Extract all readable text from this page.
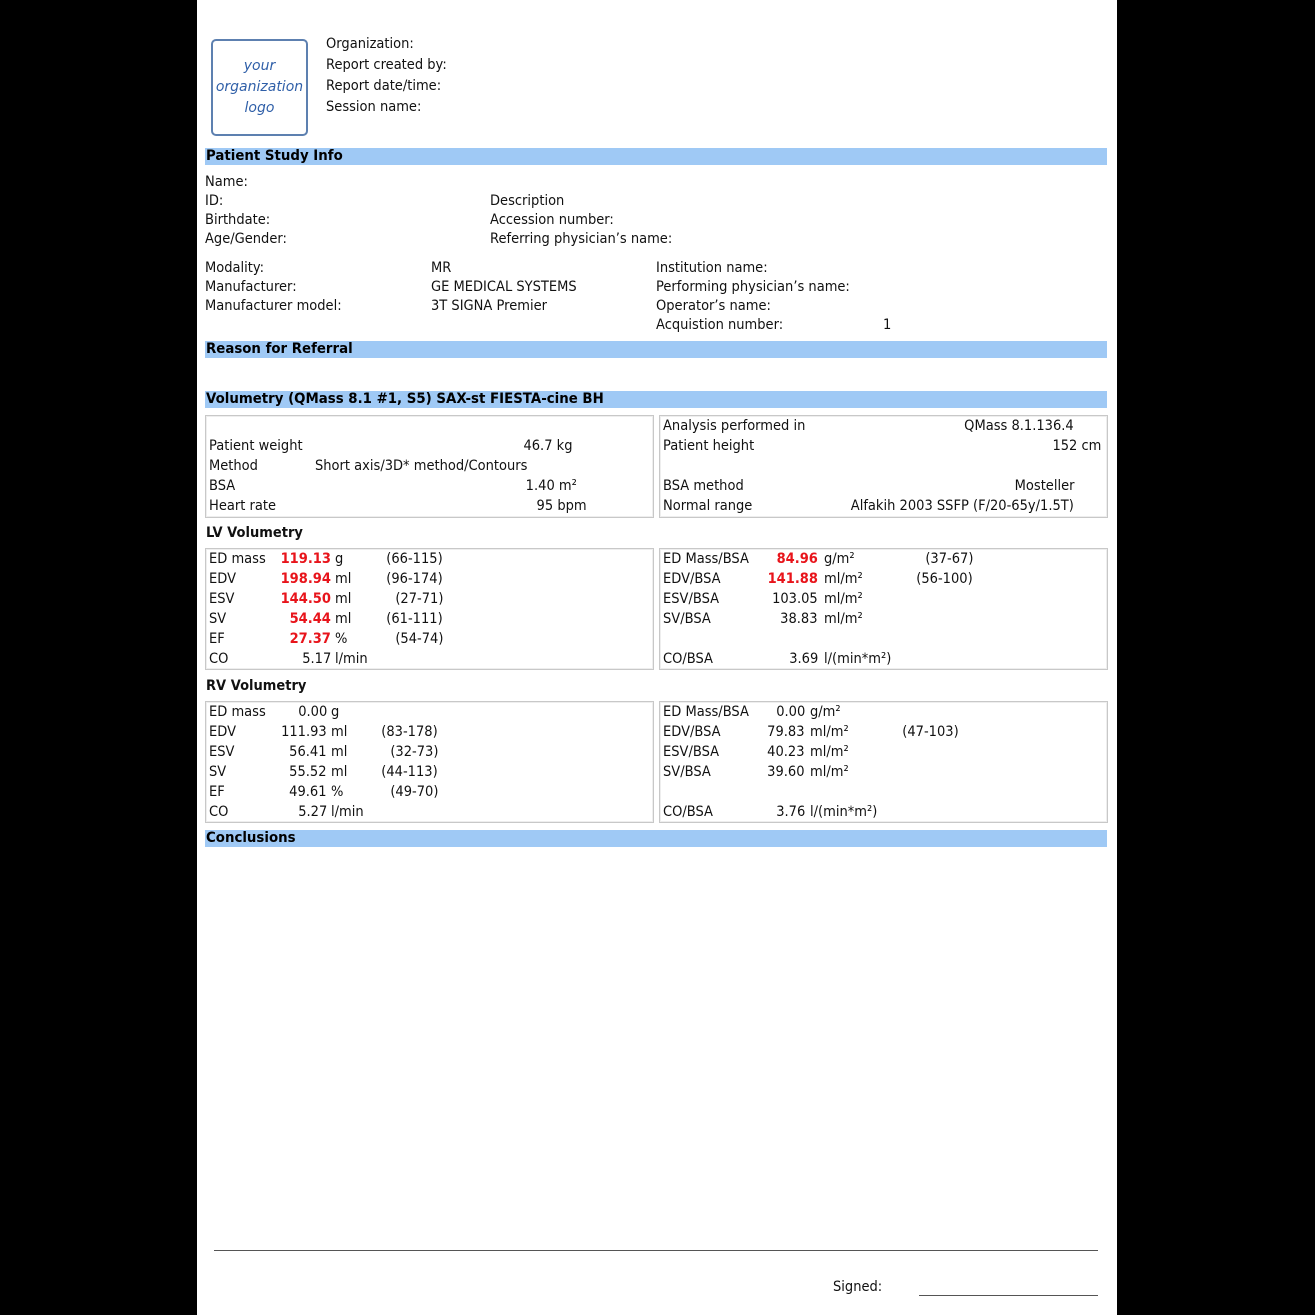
your
organization
logo
Patient Study Info
Reason for Referral
Volumetry (QMass 8.1 #1, S5) SAX-st FIESTA-cine BH
Conclusions
LV Volumetry
RV Volumetry
Signed:
Organization:
Report created by:
Report date/time:
Session name:
Name:
ID:
Birthdate:
Age/Gender:
Description
Accession number:
Referring physician’s name:
Modality:	MR
Manufacturer:	GE MEDICAL SYSTEMS
Manufacturer model:	3T SIGNA Premier
Institution name:
Performing physician’s name:
Operator’s name:
Acquistion number:	1
Patient weight	46.7 kg
Method	Short axis/3D* method/Contours
BSA	1.40 m²
Heart rate	95 bpm
Analysis performed in	QMass 8.1.136.4
Patient height	152 cm
BSA method	Mosteller
Normal range	Alfakih 2003 SSFP (F/20-65y/1.5T)
ED mass 119.13 g	(66-115)
EDV	198.94 ml (96-174)
ESV	144.50 ml	(27-71)
SV	54.44 ml (61-111)
EF	27.37 %	(54-74)
CO	5.17 l/min
ED Mass/BSA 84.96 g/m²	(37-67)
EDV/BSA	141.88 ml/m²	(56-100)
ESV/BSA	103.05 ml/m²
SV/BSA	38.83 ml/m²
CO/BSA	3.69 l/(min*m²)
ED mass 0.00 g
EDV	111.93 ml (83-178)
ESV	56.41 ml	(32-73)
SV	55.52 ml (44-113)
EF	49.61 %	(49-70)
CO	5.27 l/min
ED Mass/BSA 0.00 g/m²
EDV/BSA	79.83 ml/m²	(47-103)
ESV/BSA	40.23 ml/m²
SV/BSA	39.60 ml/m²
CO/BSA	3.76 l/(min*m²)
